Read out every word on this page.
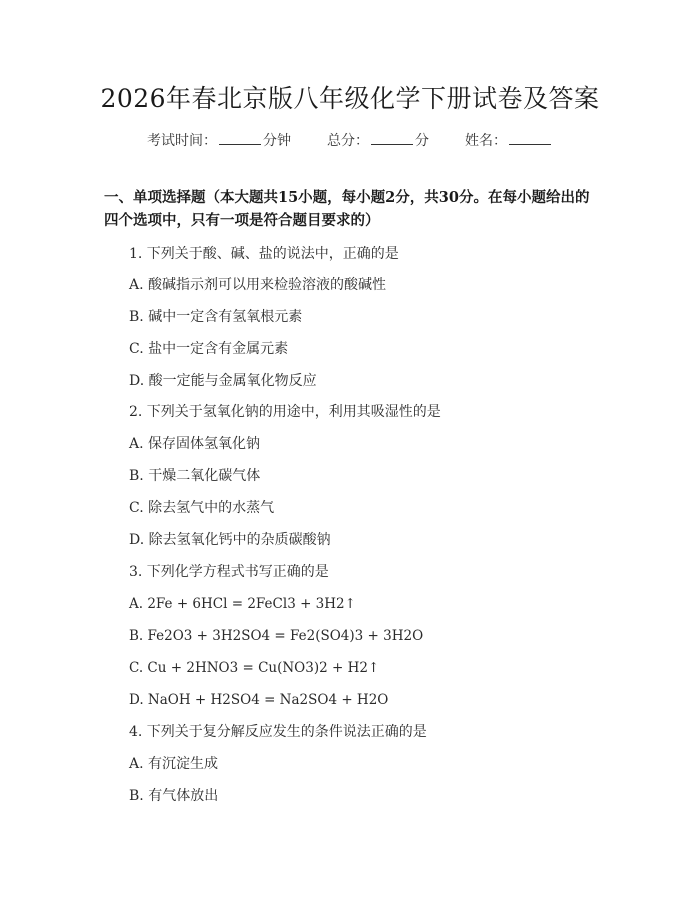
2026年春北京版八年级化学下册试卷及答案
考试时间：	分钟	总分：	分	姓名：
一、单项选择题（本大题共15小题，每小题2分，共30分。在每小题给出的四个选项中，只有一项是符合题目要求的）
1. 下列关于酸、碱、盐的说法中，正确的是
A. 酸碱指示剂可以用来检验溶液的酸碱性
B. 碱中一定含有氢氧根元素
C. 盐中一定含有金属元素
D. 酸一定能与金属氧化物反应
2. 下列关于氢氧化钠的用途中，利用其吸湿性的是
A. 保存固体氢氧化钠
B. 干燥二氧化碳气体
C. 除去氢气中的水蒸气
D. 除去氢氧化钙中的杂质碳酸钠
3. 下列化学方程式书写正确的是
A. 2Fe + 6HCl = 2FeCl3 + 3H2↑
B. Fe2O3 + 3H2SO4 = Fe2(SO4)3 + 3H2O
C. Cu + 2HNO3 = Cu(NO3)2 + H2↑
D. NaOH + H2SO4 = Na2SO4 + H2O
4. 下列关于复分解反应发生的条件说法正确的是
A. 有沉淀生成
B. 有气体放出
